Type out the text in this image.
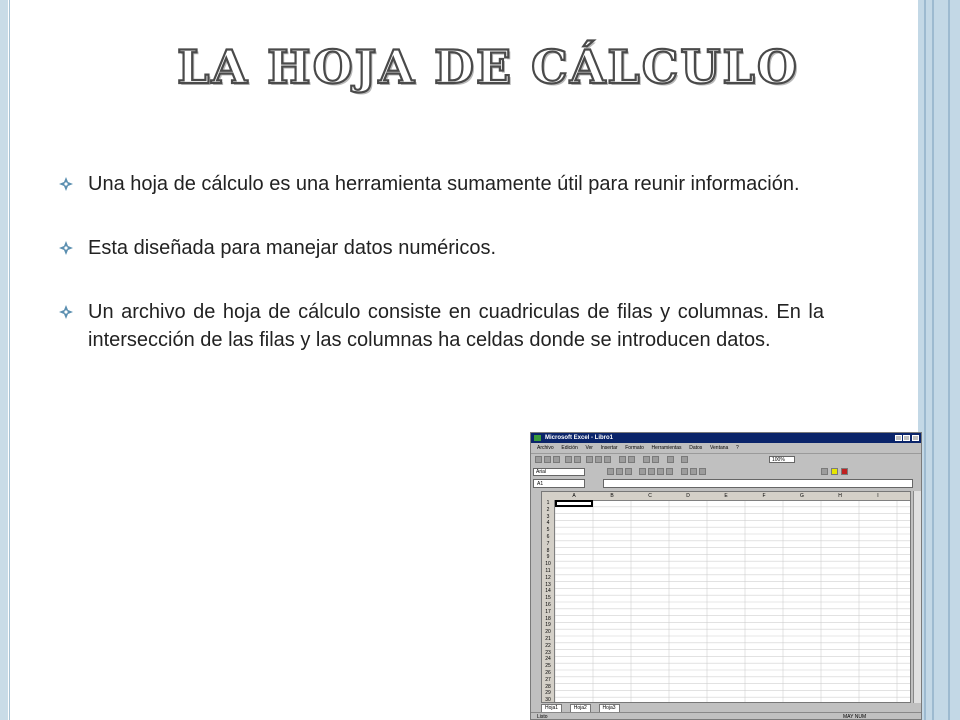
LA HOJA DE CÁLCULO
Una hoja de cálculo es una herramienta sumamente útil para reunir información.
Esta diseñada para manejar datos numéricos.
Un archivo de hoja de cálculo consiste en cuadriculas de filas y columnas. En la intersección de las filas y las columnas ha celdas donde se introducen datos.
Microsoft Excel - Libro1
Archivo Edición Ver Insertar Formato Herramientas Datos Ventana ?
100%
Arial
A1
A	B	C	D	E	F	G	H	I
1
2
3
4
5
6
7
8
9
10
11
12
13
14
15
16
17
18
19
20
21
22
23
24
25
26
27
28
29
30
Hoja1	Hoja2	Hoja3
Listo	MAY NUM
